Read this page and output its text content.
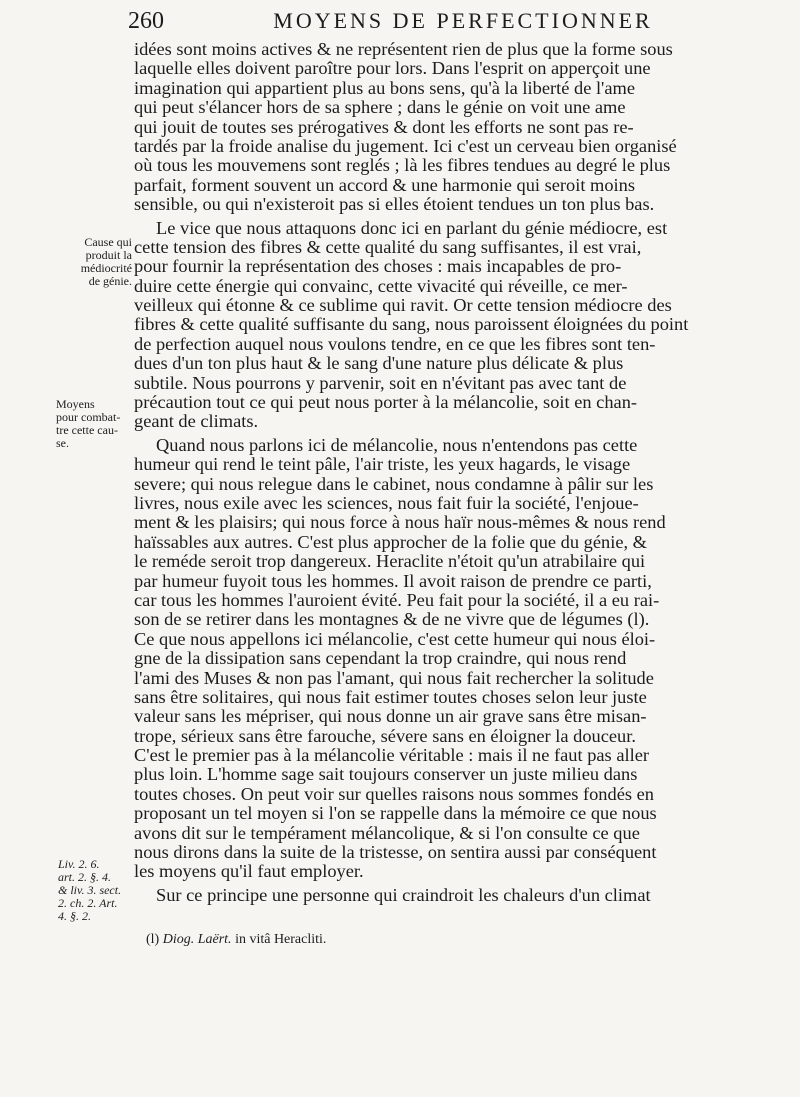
260	MOYENS DE PERFECTIONNER
idées sont moins actives & ne représentent rien de plus que la forme sous
laquelle elles doivent paroître pour lors. Dans l'esprit on apperçoit une
imagination qui appartient plus au bons sens, qu'à la liberté de l'ame
qui peut s'élancer hors de sa sphere ; dans le génie on voit une ame
qui jouit de toutes ses prérogatives & dont les efforts ne sont pas re-
tardés par la froide analise du jugement. Ici c'est un cerveau bien organisé
où tous les mouvemens sont reglés ; là les fibres tendues au degré le plus
parfait, forment souvent un accord & une harmonie qui seroit moins
sensible, ou qui n'existeroit pas si elles étoient tendues un ton plus bas.
Le vice que nous attaquons donc ici en parlant du génie médiocre, est
cette tension des fibres & cette qualité du sang suffisantes, il est vrai,
pour fournir la représentation des choses : mais incapables de pro-
duire cette énergie qui convainc, cette vivacité qui réveille, ce mer-
veilleux qui étonne & ce sublime qui ravit. Or cette tension médiocre des
fibres & cette qualité suffisante du sang, nous paroissent éloignées du point
de perfection auquel nous voulons tendre, en ce que les fibres sont ten-
dues d'un ton plus haut & le sang d'une nature plus délicate & plus
subtile. Nous pourrons y parvenir, soit en n'évitant pas avec tant de
précaution tout ce qui peut nous porter à la mélancolie, soit en chan-
geant de climats.
Quand nous parlons ici de mélancolie, nous n'entendons pas cette
humeur qui rend le teint pâle, l'air triste, les yeux hagards, le visage
severe; qui nous relegue dans le cabinet, nous condamne à pâlir sur les
livres, nous exile avec les sciences, nous fait fuir la société, l'enjoue-
ment & les plaisirs; qui nous force à nous haïr nous-mêmes & nous rend
haïssables aux autres. C'est plus approcher de la folie que du génie, &
le reméde seroit trop dangereux. Heraclite n'étoit qu'un atrabilaire qui
par humeur fuyoit tous les hommes. Il avoit raison de prendre ce parti,
car tous les hommes l'auroient évité. Peu fait pour la société, il a eu rai-
son de se retirer dans les montagnes & de ne vivre que de légumes (l).
Ce que nous appellons ici mélancolie, c'est cette humeur qui nous éloi-
gne de la dissipation sans cependant la trop craindre, qui nous rend
l'ami des Muses & non pas l'amant, qui nous fait rechercher la solitude
sans être solitaires, qui nous fait estimer toutes choses selon leur juste
valeur sans les mépriser, qui nous donne un air grave sans être misan-
trope, sérieux sans être farouche, sévere sans en éloigner la douceur.
C'est le premier pas à la mélancolie véritable : mais il ne faut pas aller
plus loin. L'homme sage sait toujours conserver un juste milieu dans
toutes choses. On peut voir sur quelles raisons nous sommes fondés en
proposant un tel moyen si l'on se rappelle dans la mémoire ce que nous
avons dit sur le tempérament mélancolique, & si l'on consulte ce que
nous dirons dans la suite de la tristesse, on sentira aussi par conséquent
les moyens qu'il faut employer.
Sur ce principe une personne qui craindroit les chaleurs d'un climat
Cause qui
produit la
médiocrité
de génie.
Moyens
pour combat-
tre cette cau-
se.
Liv. 2. 6.
art. 2. §. 4.
& liv. 3. sect.
2. ch. 2. Art.
4. §. 2.
(l) Diog. Laërt. in vitâ Heracliti.
